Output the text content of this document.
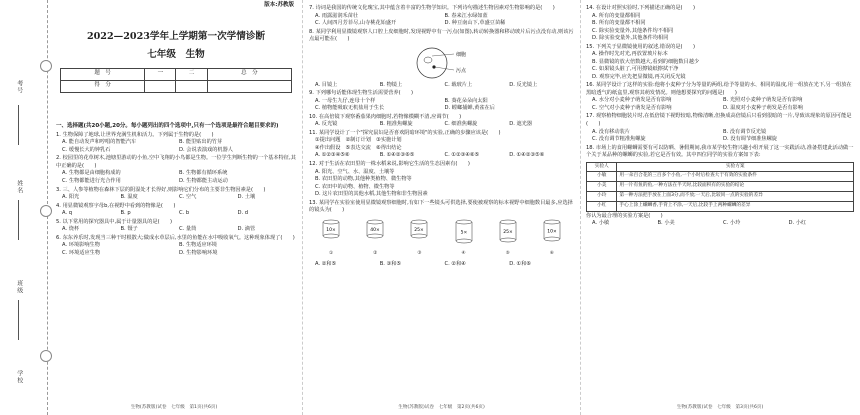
考号
姓名
班级
学校
版本:苏教版
2022—2023学年上学期第一次学情诊断
七年级　生物
题　号	一	二	总　分
得　分			
一、选择题(共20小题,20分。每小题列出的四个选项中,只有一个选项是最符合题目要求的)
1. 生物保障了地球,让世界充满生机和活力。下列属于生物的是(　　)
A. 能自动发声和哼唱的智能汽车	B. 能里贴出的竹芽
C. 缓慢长大的钟乳石	D. 会说表演戏的机器人
2. 校园里的花草树木,池塘里游动的小鱼,空中飞翔的小鸟都是生物。一位学生判断生物的一个基本特征,其中正确的是(　　)
A. 生物都是由细胞构成的	B. 生物都有循环系统
C. 生物都能进行光合作用	D. 生物都能主动运动
3. 三、人参等植物在森林下层的阴湿处才长得好,则影响它们分布的主要非生物因素是(　　)
A. 阳光	B. 温度	C. 空气	D. 土壤
4. 用显微镜观察字母b,在视野中看到的物像是(　　)
A. q	B. p	C. b	D. d
5. 以下常用的探究器具中,属于计量器具的是(　　)
A. 烧杯	B. 镊子	C. 量筒	D. 滴管
6. 东东养乐时,发现当三种干时根散大;做成水草层后,水里的鱼能在水中吸收氧气。这种现象体现了(　　)
A. 环境影响生物	B. 生物适应环境
C. 环境适应生物	D. 生物影响环境
生物(苏教版)试卷　七年级　第1页(共6页)
7. 诗词是我国的传统文化瑰宝,其中蕴含着丰富的生物学知识。下列诗句描述生物因素对生物影响的是(　　)
A. 雨露滋润禾苗壮	B. 春来江水绿如蓝
C. 人间四月芳菲尽,山寺桃花始盛开	D. 种豆南山下,草盛豆苗稀
8. 某同学利用显微镜观察人口腔上皮细胞时,发现视野中有一污点(如图),转动转换器和移动玻片后污点没有动,则该污点最可能在(　　)
细胞
污点
A. 目镜上	B. 物镜上	C. 载玻片上	D. 反光镜上
9. 下列哪句话能体现生物生活需要营养(　　)
A. 一母生九仔,连母十个样	B. 葵花朵朵向太阳
C. 植物能吸取无机盐用于生长	D. 螳螂捕蝉,黄雀在后
10. 在高倍镜下观察番茄果肉细胞时,若物像模糊不清,应调节(　　)
A. 反光镜	B. 粗准焦螺旋	C. 细准焦螺旋	D. 遮光器
11. 某同学设计了一个"探究鼠妇是否喜欢阴暗环境"的实验,正确的步骤应该是(　　)
①提出问题　②制订计划　③实施计划
④作出假设　⑤表达交流　⑥得出结论
A. ①②③④⑤⑥	B. ①④②③⑥⑤	C. ①②③④⑥⑤	D. ①④②③⑤⑥
12. 对于生活在农田里的一株水稻来说,影响它生活的生态因素有(　　)
A. 阳光、空气、水、温度、土壤等
B. 农田里的动物,其他种类植物、微生物等
C. 农田中的动物、植物、微生物等
D. 这片农田里的其他水稻,其他生物和非生物因素
13. 某同学在实验室使用显微镜观察细胞时,有如下一些镜头可供选择,要使被观察的标本视野中细胞数目最多,应选择的镜头为(　　)
10×
①
40×
②
25×
③
5×
④
25×
⑤
10×
⑥
A. ②和⑤	B. ③和⑤	C. ②和④	D. ①和⑥
生物(苏教版)试卷　七年级　第2页(共6页)
14. 在设计对照实验时,下列描述正确的是(　　)
A. 所有的变量都相同
B. 所有的变量都不相同
C. 除实验变量外,其他条件均不相同
D. 除实验变量外,其他条件均相同
15. 下列关于显微镜使用的叙述,错误的是(　　)
A. 操作时先对光,再放置玻片标本
B. 显微镜的放大倍数越大,看到的细胞数目越少
C. 如果镜头脏了,可用擦镜纸擦拭干净
D. 观察完毕,应先把显微镜,再关闭反光镜
16. 某同学设计了这样的实验:他将小麦种子分为等量的两组,给予等量的水、相同的温度,用一组放在光下,另一组放在黑暗透气的纸盒里,观察其萌发情况。则他想要探究的问题是(　　)
A. 水分对小麦种子萌发是否有影响	B. 光照对小麦种子萌发是否有影响
C. 空气对小麦种子萌发是否有影响	D. 温度对小麦种子萌发是否有影响
17. 观察植物细胞装片时,在低倍镜下视野较暗,物像清晰,但换成高倍镜后只看到很暗的一片,导致该现象的原因可能是(　　)
A. 没有移动装片	B. 没有调节反光镜
C. 没有调节粗准焦螺旋	D. 没有调节细准焦螺旋
18. 市场上的食用螺蛳需要有可以防晒、暑假期间,我市某学校生物兴趣小组开展了这一实践活动,准备搭建此活动做一个关于某品种的螺蛳的实验,若它是否有效。其中四位同学的实验方案如下表:
实验人	实验方案
小敏	用一朵百合花的三百多个小鱼,一个小时后检查大于有效的实验条件
小美	用一片有鱼的鱼,一种方法在半天时,比较面积有的实验的结论
小玲	第一种方法把手放在上面3分,而不放;一天后,比较同一点的实验的差异
小红	手心上涂上螺蛳香,手背上不涂,一天后,比较手上两种螺蛳的差异
你认为最合理的实验方案是(　　)
A. 小敏	B. 小美	C. 小玲	D. 小红
生物(苏教版)试卷　七年级　第3页(共6页)
